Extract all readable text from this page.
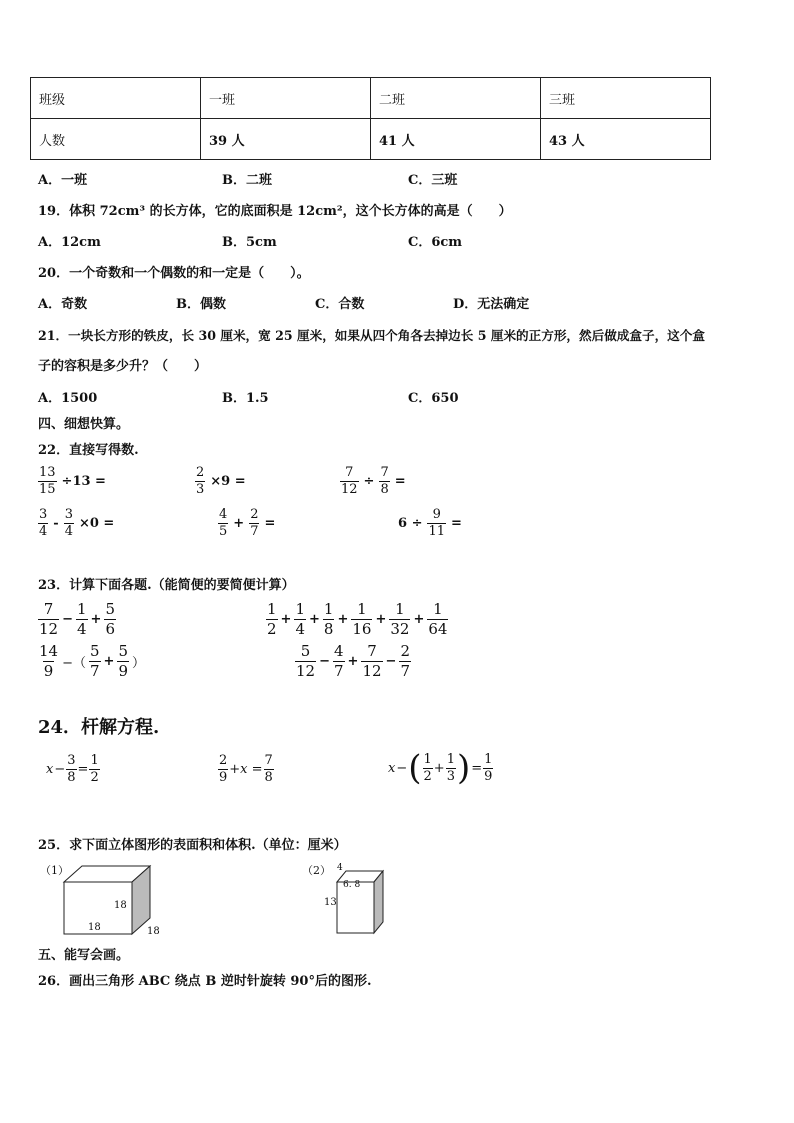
班级	一班	二班	三班
人数	39 人	41 人	43 人
A．一班	B．二班	C．三班
19．体积 72cm³ 的长方体，它的底面积是 12cm²，这个长方体的高是（　　）
A．12cm	B．5cm	C．6cm
20．一个奇数和一个偶数的和一定是（　　）。
A．奇数	B．偶数	C．合数	D．无法确定
21．一块长方形的铁皮，长 30 厘米，宽 25 厘米，如果从四个角各去掉边长 5 厘米的正方形，然后做成盒子，这个盒
子的容积是多少升？（　　）
A．1500	B．1.5	C．650
四、细想快算。
22．直接写得数.
$\frac{13}{15} \div 13$ =	$\frac{2}{3} \times 9$ =	$\frac{7}{12} \div \frac{7}{8}$ =
$\frac{3}{4} - \frac{3}{4} \times 0$ =	$\frac{4}{5} + \frac{2}{7}$ =	$6 \div \frac{9}{11}$ =
23．计算下面各题.（能简便的要简便计算）
$\frac{7}{12} - \frac{1}{4} + \frac{5}{6}$	$\frac{1}{2} + \frac{1}{4} + \frac{1}{8} + \frac{1}{16} + \frac{1}{32} + \frac{1}{64}$
$\frac{14}{9}$ −（ $\frac{5}{7} + \frac{5}{9}$ ）	$\frac{5}{12} - \frac{4}{7} + \frac{7}{12} - \frac{2}{7}$
24．杆解方程.
$x - \frac{3}{8} = \frac{1}{2}$	$\frac{2}{9} +x = \frac{7}{8}$	x − ( $\frac{1}{2} + \frac{1}{3}$ ) = $\frac{1}{9}$
25．求下面立体图形的表面积和体积.（单位：厘米）
（1）
18
18	18
（2） 4
6. 8
13
五、能写会画。
26．画出三角形 ABC 绕点 B 逆时针旋转 90°后的图形.
